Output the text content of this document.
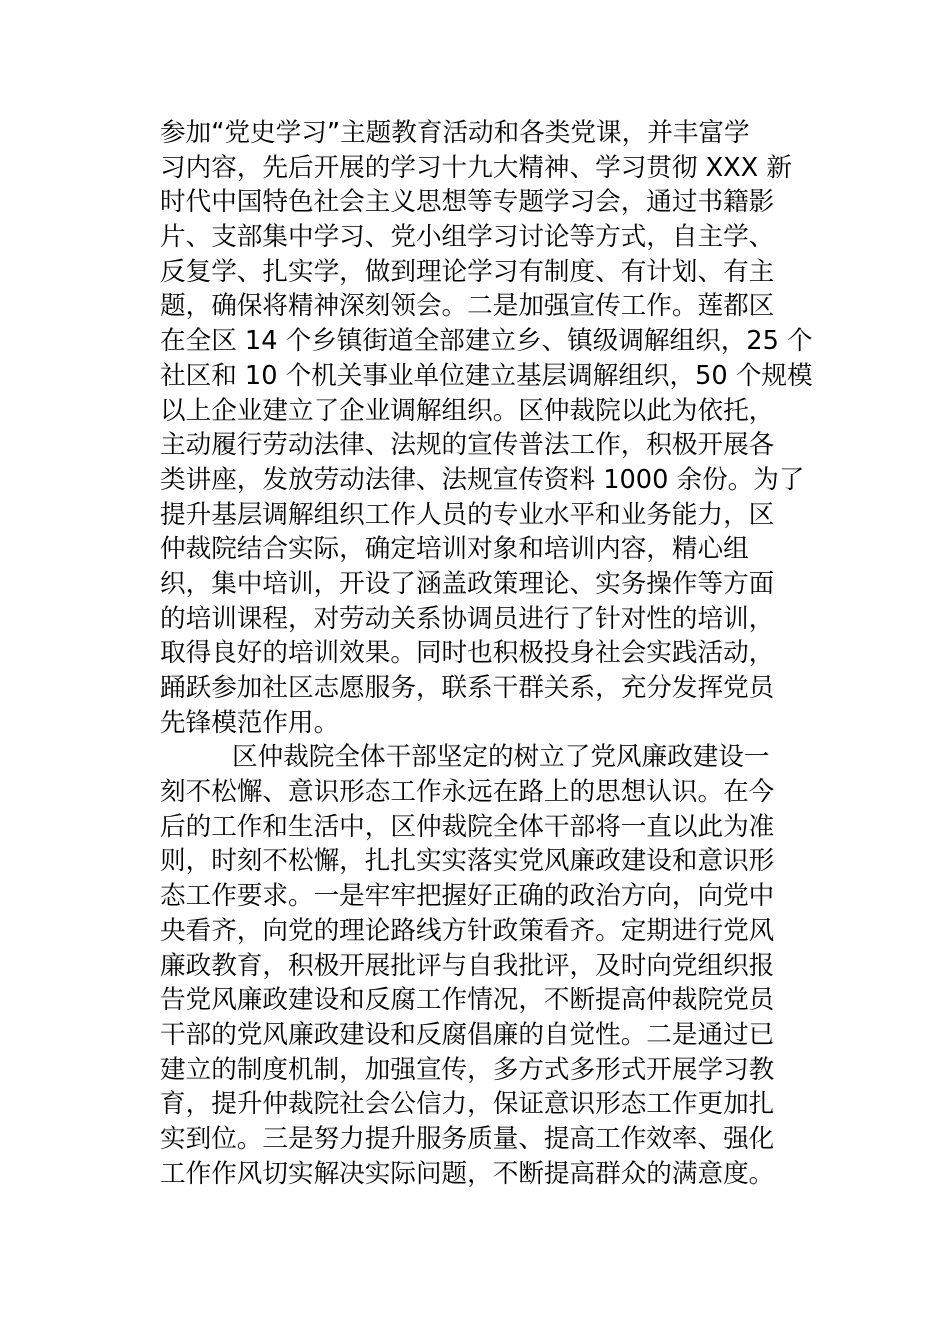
参加“党史学习”主题教育活动和各类党课，并丰富学
习内容，先后开展的学习十九大精神、学习贯彻 XXX 新
时代中国特色社会主义思想等专题学习会，通过书籍影
片、支部集中学习、党小组学习讨论等方式，自主学、
反复学、扎实学，做到理论学习有制度、有计划、有主
题，确保将精神深刻领会。二是加强宣传工作。莲都区
在全区 14 个乡镇街道全部建立乡、镇级调解组织，25 个
社区和 10 个机关事业单位建立基层调解组织，50 个规模
以上企业建立了企业调解组织。区仲裁院以此为依托，
主动履行劳动法律、法规的宣传普法工作，积极开展各
类讲座，发放劳动法律、法规宣传资料 1000 余份。为了
提升基层调解组织工作人员的专业水平和业务能力，区
仲裁院结合实际，确定培训对象和培训内容，精心组
织，集中培训，开设了涵盖政策理论、实务操作等方面
的培训课程，对劳动关系协调员进行了针对性的培训，
取得良好的培训效果。同时也积极投身社会实践活动，
踊跃参加社区志愿服务，联系干群关系，充分发挥党员
先锋模范作用。
区仲裁院全体干部坚定的树立了党风廉政建设一
刻不松懈、意识形态工作永远在路上的思想认识。在今
后的工作和生活中，区仲裁院全体干部将一直以此为准
则，时刻不松懈，扎扎实实落实党风廉政建设和意识形
态工作要求。一是牢牢把握好正确的政治方向，向党中
央看齐，向党的理论路线方针政策看齐。定期进行党风
廉政教育，积极开展批评与自我批评，及时向党组织报
告党风廉政建设和反腐工作情况，不断提高仲裁院党员
干部的党风廉政建设和反腐倡廉的自觉性。二是通过已
建立的制度机制，加强宣传，多方式多形式开展学习教
育，提升仲裁院社会公信力，保证意识形态工作更加扎
实到位。三是努力提升服务质量、提高工作效率、强化
工作作风切实解决实际问题，不断提高群众的满意度。
